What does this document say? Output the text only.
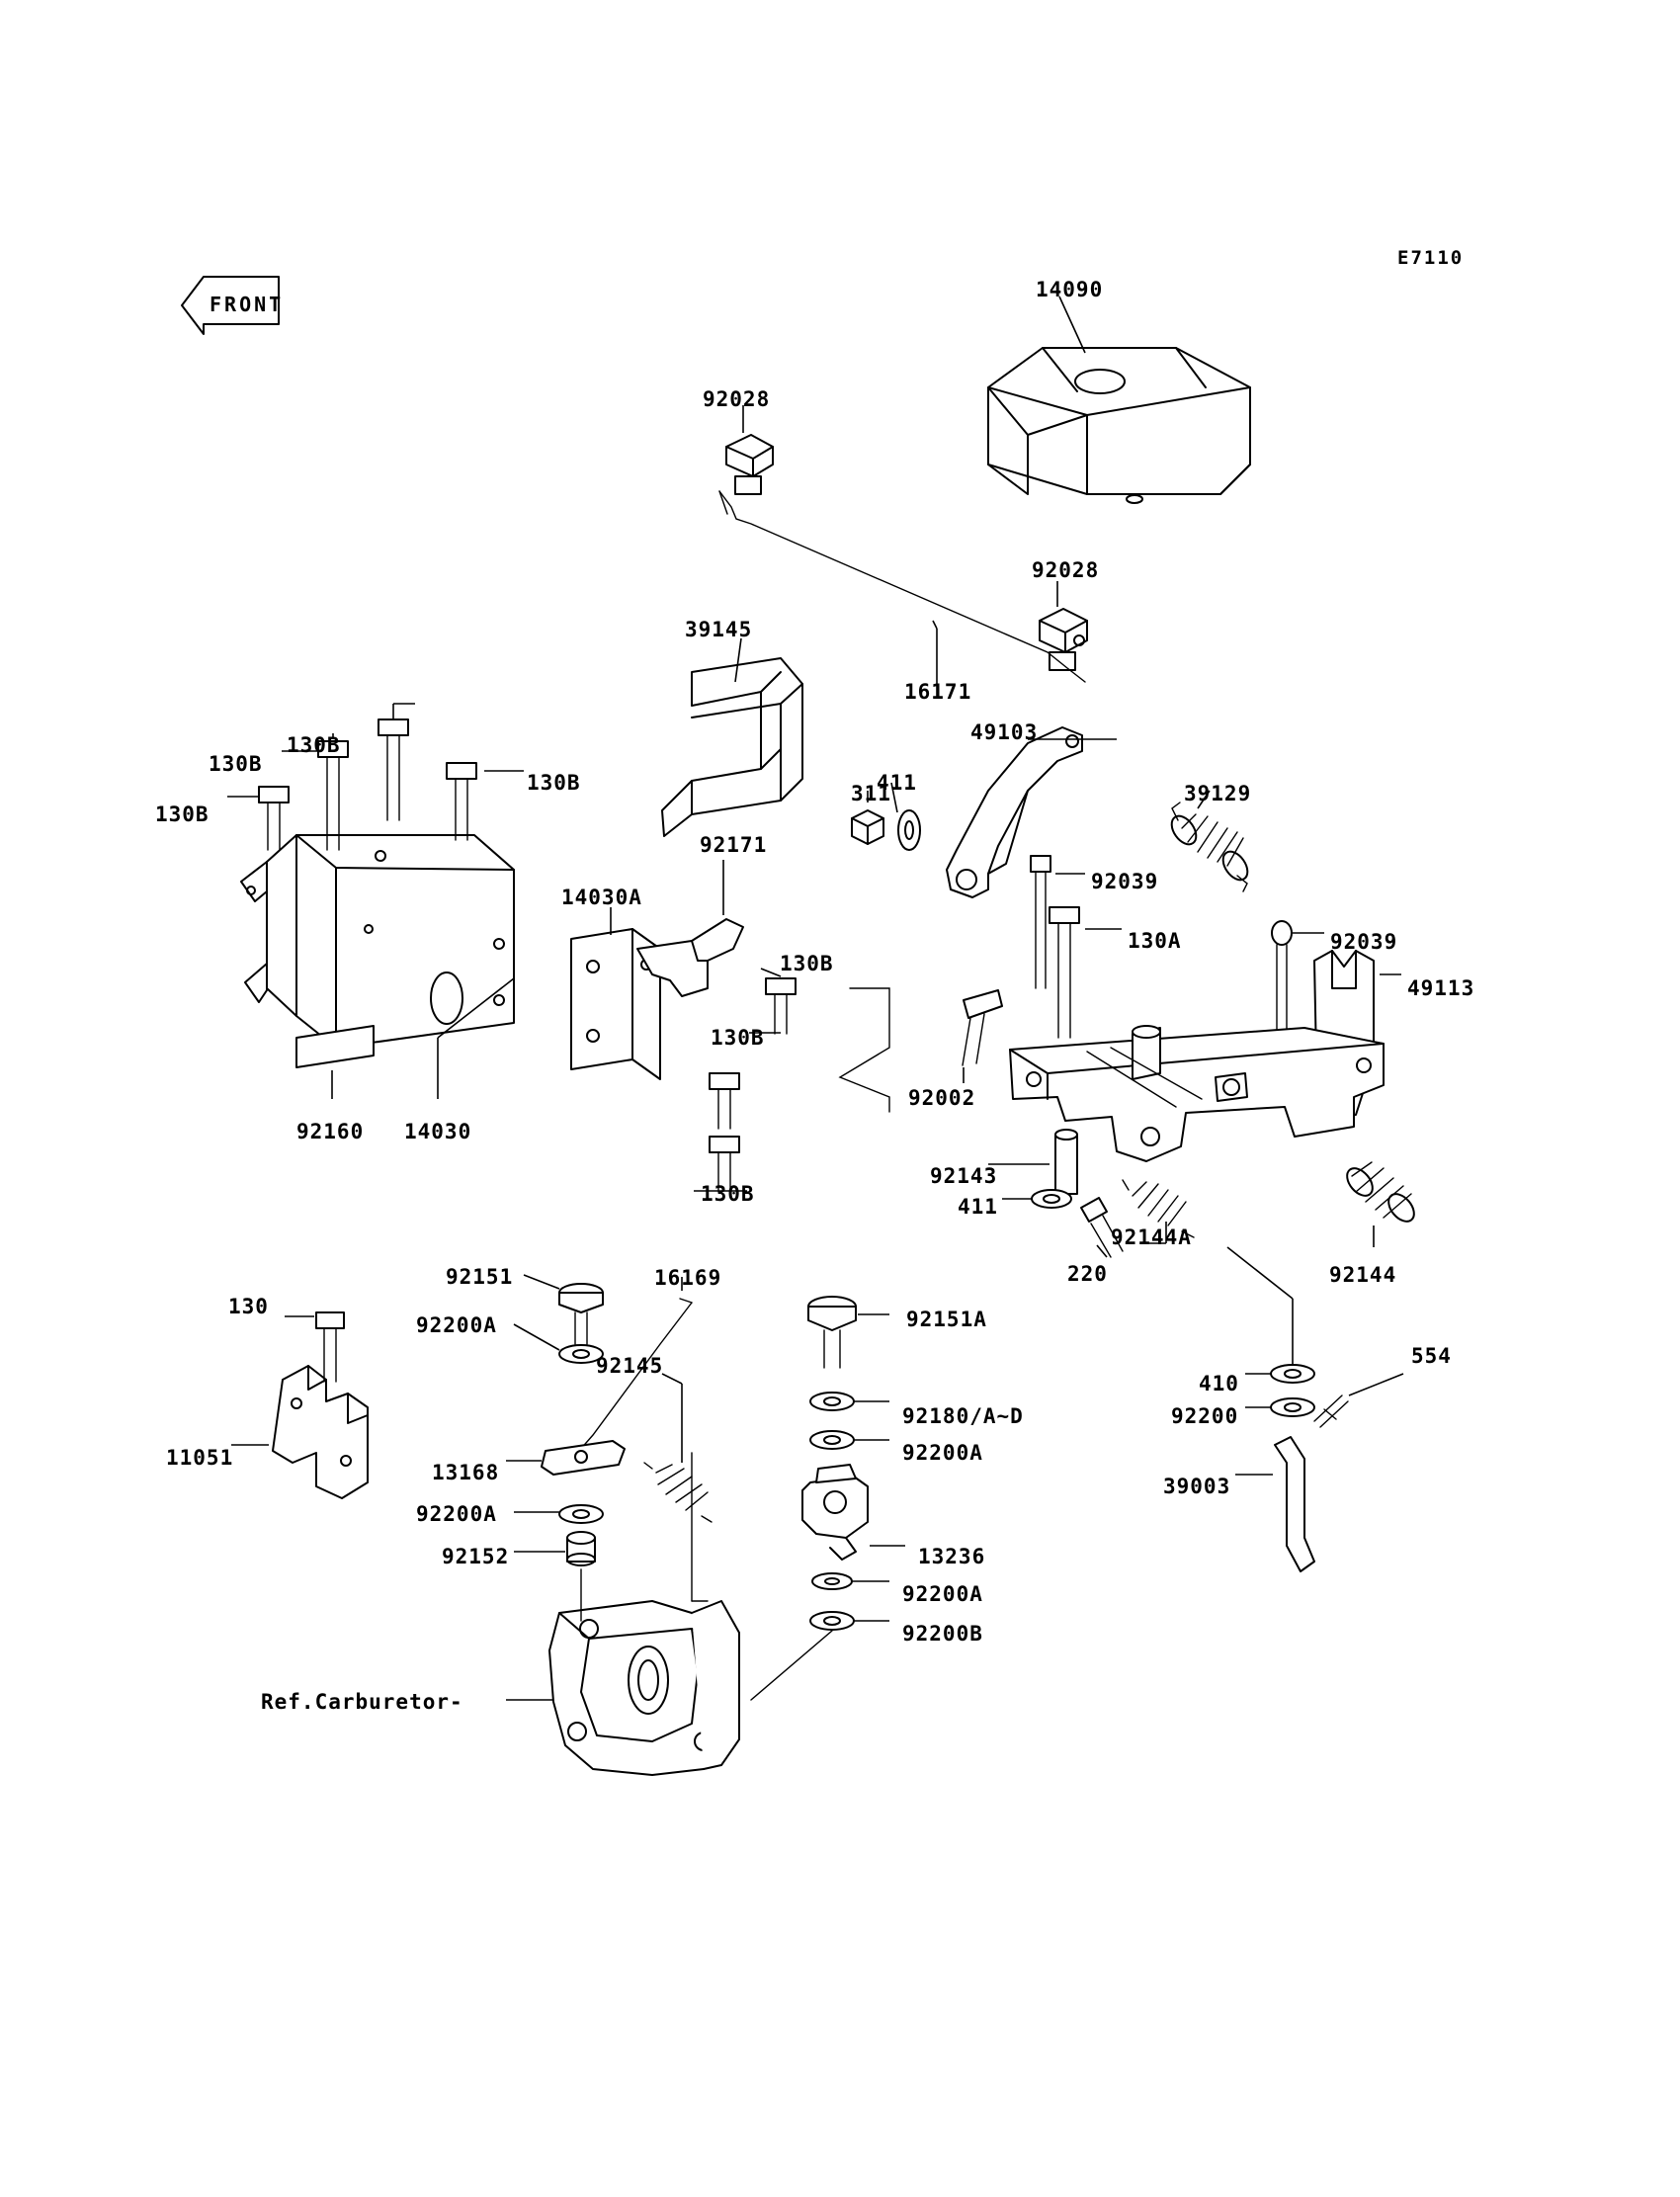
E7110
FRONT
14090
92028
92028
39145
16171
49103
311
411	39129
130B
130B
130B
130B
14030A
92171
92039
130A	92039
49113
130B
130B
92002
92160 14030
92143
411
130B
92144A
220	92144
92151	16169
92200A	92151A
130
92145
92180/A~D
11051
13168
92200A
410
554
92200
39003
92200A
92152	13236
92200A
92200B
Ref.Carburetor-
